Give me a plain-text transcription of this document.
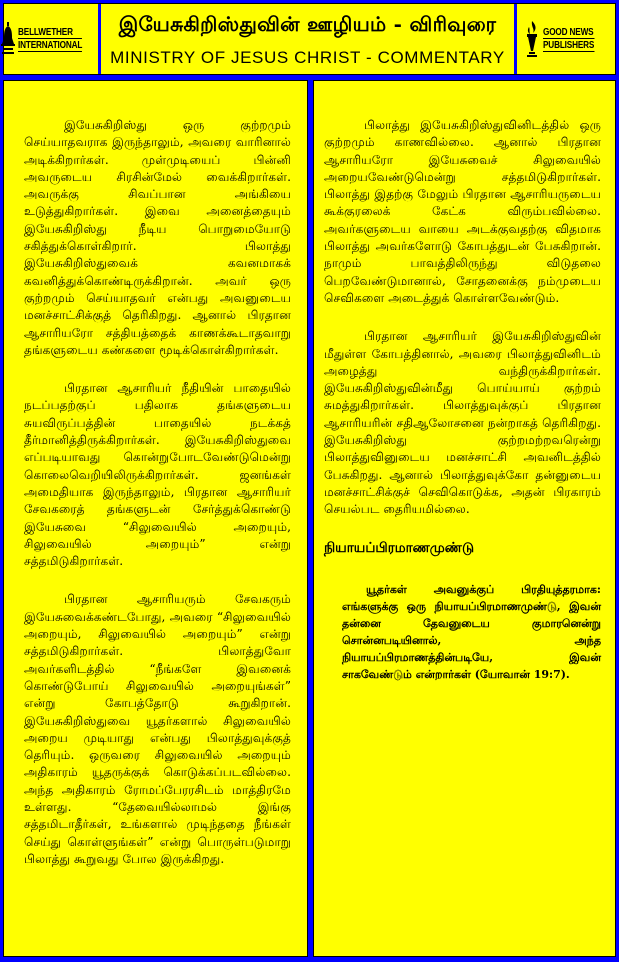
BELLWETHER
INTERNATIONAL
இயேசுகிறிஸ்துவின் ஊழியம் - விரிவுரை
MINISTRY OF JESUS CHRIST - COMMENTARY
GOOD NEWS
PUBLISHERS

இயேசுகிறிஸ்து ஒரு குற்றமும் செய்யாதவராக இருந்தாலும், அவரை வாரினால் அடிக்கிறார்கள். முள்முடியைப் பின்னி அவருடைய சிரசின்மேல் வைக்கிறார்கள். அவருக்கு சிவப்பான அங்கியை உடுத்துகிறார்கள். இவை அனைத்தையும் இயேசுகிறிஸ்து நீடிய பொறுமையோடு சகித்துக்கொள்கிறார். பிலாத்து இயேசுகிறிஸ்துவைக் கவனமாகக் கவனித்துக்கொண்டிருக்கிறான். அவர் ஒரு குற்றமும் செய்யாதவர் என்பது அவனுடைய மனச்சாட்சிக்குத் தெரிகிறது. ஆனால் பிரதான ஆசாரியரோ சத்தியத்தைக் காணக்கூடாதவாறு தங்களுடைய கண்களை மூடிக்கொள்கிறார்கள்.

பிரதான ஆசாரியர் நீதியின் பாதையில் நடப்பதற்குப் பதிலாக தங்களுடைய சுயவிருப்பத்தின் பாதையில் நடக்கத் தீர்மானித்திருக்கிறார்கள். இயேசுகிறிஸ்துவை எப்படியாவது கொன்றுபோடவேண்டுமென்று கொலைவெறியிலிருக்கிறார்கள். ஜனங்கள் அமைதியாக இருந்தாலும், பிரதான ஆசாரியர் சேவகரைத் தங்களுடன் சேர்த்துக்கொண்டு இயேசுவை “சிலுவையில் அறையும், சிலுவையில் அறையும்” என்று சத்தமிடுகிறார்கள்.

பிரதான ஆசாரியரும் சேவகரும் இயேசுவைக்கண்டபோது, அவரை “சிலுவையில் அறையும், சிலுவையில் அறையும்” என்று சத்தமிடுகிறார்கள். பிலாத்துவோ அவர்களிடத்தில் “நீங்களே இவனைக் கொண்டுபோய் சிலுவையில் அறையுங்கள்” என்று கோபத்தோடு கூறுகிறான். இயேசுகிறிஸ்துவை யூதர்களால் சிலுவையில் அறைய முடியாது என்பது பிலாத்துவுக்குத் தெரியும். ஒருவரை சிலுவையில் அறையும் அதிகாரம் யூதருக்குக் கொடுக்கப்படவில்லை. அந்த அதிகாரம் ரோமப்பேரரசிடம் மாத்திரமே உள்ளது. “தேவையில்லாமல் இங்கு சத்தமிடாதீர்கள், உங்களால் முடிந்ததை நீங்கள் செய்து கொள்ளுங்கள்” என்று பொருள்படுமாறு பிலாத்து கூறுவது போல இருக்கிறது.

பிலாத்து இயேசுகிறிஸ்துவினிடத்தில் ஒரு குற்றமும் காணவில்லை. ஆனால் பிரதான ஆசாரியரோ இயேசுவைச் சிலுவையில் அறையவேண்டுமென்று சத்தமிடுகிறார்கள். பிலாத்து இதற்கு மேலும் பிரதான ஆசாரியருடைய கூக்குரலைக் கேட்க விரும்பவில்லை. அவர்களுடைய வாயை அடக்குவதற்கு விதமாக பிலாத்து அவர்களோடு கோபத்துடன் பேசுகிறான். நாமும் பாவத்திலிருந்து விடுதலை பெறவேண்டுமானால், சோதனைக்கு நம்முடைய செவிகளை அடைத்துக் கொள்ளவேண்டும்.

பிரதான ஆசாரியர் இயேசுகிறிஸ்துவின் மீதுள்ள கோபத்தினால், அவரை பிலாத்துவினிடம் அழைத்து வந்திருக்கிறார்கள். இயேசுகிறிஸ்துவின்மீது பொய்யாய் குற்றம் சுமத்துகிறார்கள். பிலாத்துவுக்குப் பிரதான ஆசாரியரின் சதிஆலோசனை நன்றாகத் தெரிகிறது. இயேசுகிறிஸ்து குற்றமற்றவரென்று பிலாத்துவினுடைய மனச்சாட்சி அவனிடத்தில் பேசுகிறது. ஆனால் பிலாத்துவுக்கோ தன்னுடைய மனச்சாட்சிக்குச் செவிகொடுக்க, அதன் பிரகாரம் செயல்பட தைரியமில்லை.

நியாயப்பிரமாணமுண்டு

யூதர்கள் அவனுக்குப் பிரதியுத்தரமாக: எங்களுக்கு ஒரு நியாயப்பிரமாணமுண்டு, இவன் தன்னை தேவனுடைய குமாரனென்று சொன்னபடியினால், அந்த நியாயப்பிரமாணத்தின்படியே, இவன் சாகவேண்டும் என்றார்கள் (யோவான் 19:7).
